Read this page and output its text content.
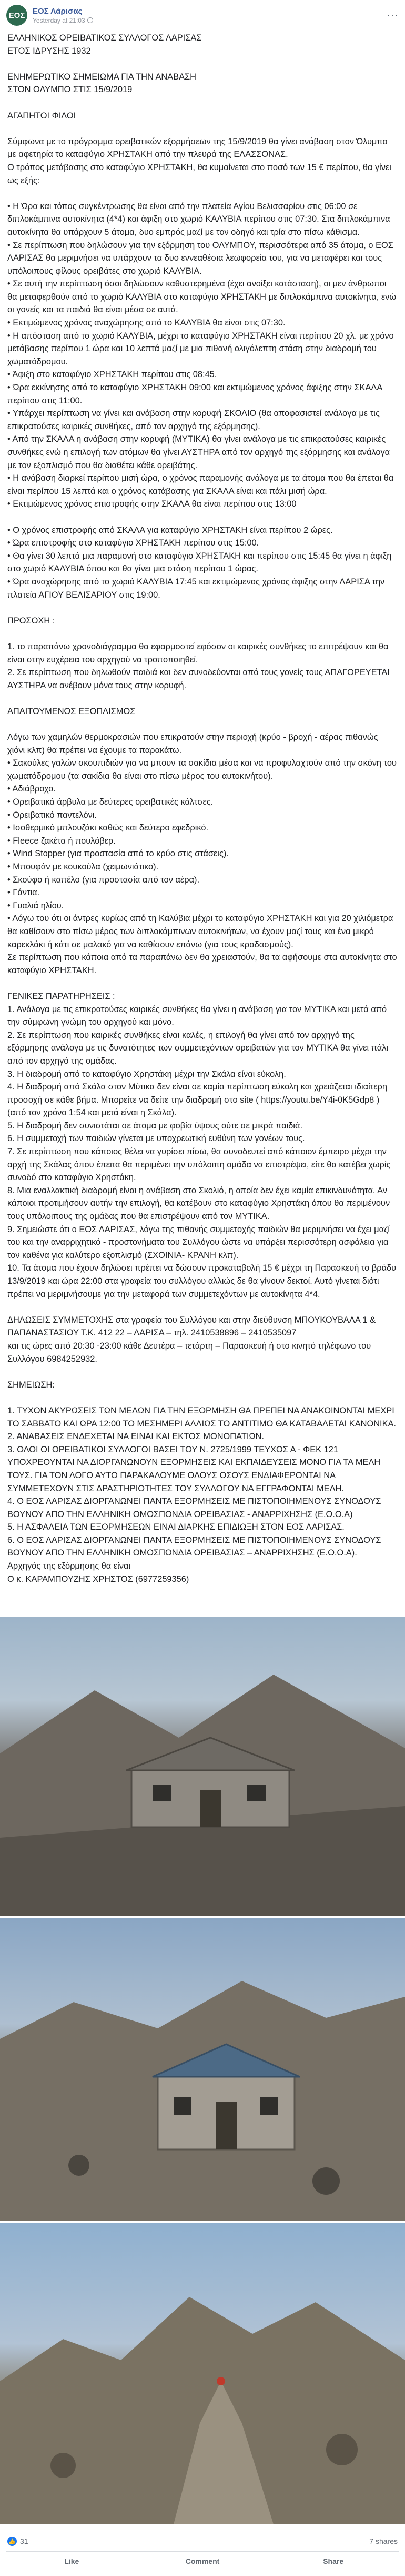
ΕΟΣ ΕΟΣ Λάρισας
Yesterday at 21:03	···

ΕΛΛΗΝΙΚΟΣ ΟΡΕΙΒΑΤΙΚΟΣ ΣΥΛΛΟΓΟΣ ΛΑΡΙΣΑΣ

ΕΤΟΣ ΙΔΡΥΣΗΣ 1932

ΕΝΗΜΕΡΩΤΙΚΟ ΣΗΜΕΙΩΜΑ ΓΙΑ ΤΗΝ ΑΝΑΒΑΣΗ

ΣΤΟΝ ΟΛΥΜΠΟ ΣΤΙΣ 15/9/2019

ΑΓΑΠΗΤΟΙ ΦΙΛΟΙ

Σύμφωνα με το πρόγραμμα ορειβατικών εξορμήσεων της 15/9/2019 θα γίνει ανάβαση στον Όλυμπο με αφετηρία το καταφύγιο ΧΡΗΣΤΑΚΗ από την πλευρά της ΕΛΑΣΣΟΝΑΣ.

Ο τρόπος μετάβασης στο καταφύγιο ΧΡΗΣΤΑΚΗ, θα κυμαίνεται στο ποσό των 15 € περίπου, θα γίνει ως εξής:

• Η Ώρα και τόπος συγκέντρωσης θα είναι από την πλατεία Αγίου Βελισσαρίου στις 06:00 σε διπλοκάμπινα αυτοκίνητα (4*4) και άφιξη στο χωριό ΚΑΛΥΒΙΑ περίπου στις 07:30. Στα διπλοκάμπινα αυτοκίνητα θα υπάρχουν 5 άτομα, δυο εμπρός μαζί με τον οδηγό και τρία στο πίσω κάθισμα.

• Σε περίπτωση που δηλώσουν για την εξόρμηση του ΟΛΥΜΠΟΥ, περισσότερα από 35 άτομα, ο ΕΟΣ ΛΑΡΙΣΑΣ θα μεριμνήσει να υπάρχουν τα δυο εννεαθέσια λεωφορεία του, για να μεταφέρει και τους υπόλοιπους φίλους ορειβάτες στο χωριό ΚΑΛΥΒΙΑ.

• Σε αυτή την περίπτωση όσοι δηλώσουν καθυστερημένα (έχει ανοίξει κατάσταση), οι μεν άνθρωποι θα μεταφερθούν από το χωριό ΚΑΛΥΒΙΑ στο καταφύγιο ΧΡΗΣΤΑΚΗ με διπλοκάμπινα αυτοκίνητα, ενώ οι γονείς και τα παιδιά θα είναι μέσα σε αυτά.

• Εκτιμώμενος χρόνος αναχώρησης από το ΚΑΛΥΒΙΑ θα είναι στις 07:30.

• Η απόσταση από το χωριό ΚΑΛΥΒΙΑ, μέχρι το καταφύγιο ΧΡΗΣΤΑΚΗ είναι περίπου 20 χλ. με χρόνο μετάβασης περίπου 1 ώρα και 10 λεπτά μαζί με μια πιθανή ολιγόλεπτη στάση στην διαδρομή του χωματόδρομου.

• Άφιξη στο καταφύγιο ΧΡΗΣΤΑΚΗ περίπου στις 08:45.

• Ώρα εκκίνησης από το καταφύγιο ΧΡΗΣΤΑΚΗ 09:00 και εκτιμώμενος χρόνος άφιξης στην ΣΚΑΛΑ περίπου στις 11:00.

• Υπάρχει περίπτωση να γίνει και ανάβαση στην κορυφή ΣΚΟΛΙΟ (θα αποφασιστεί ανάλογα με τις επικρατούσες καιρικές συνθήκες, από τον αρχηγό της εξόρμησης).

• Από την ΣΚΑΛΑ η ανάβαση στην κορυφή (ΜΥΤΙΚΑ) θα γίνει ανάλογα με τις επικρατούσες καιρικές συνθήκες ενώ η επιλογή των ατόμων θα γίνει ΑΥΣΤΗΡΑ από τον αρχηγό της εξόρμησης και ανάλογα με τον εξοπλισμό που θα διαθέτει κάθε ορειβάτης.

• Η ανάβαση διαρκεί περίπου μισή ώρα, ο χρόνος παραμονής ανάλογα με τα άτομα που θα έπεται θα είναι περίπου 15 λεπτά και ο χρόνος κατάβασης για ΣΚΑΛΑ είναι και πάλι μισή ώρα.

• Εκτιμώμενος χρόνος επιστροφής στην ΣΚΑΛΑ θα είναι περίπου στις 13:00

• Ο χρόνος επιστροφής από ΣΚΑΛΑ για καταφύγιο ΧΡΗΣΤΑΚΗ είναι περίπου 2 ώρες.

• Ώρα επιστροφής στο καταφύγιο ΧΡΗΣΤΑΚΗ περίπου στις 15:00.

• Θα γίνει 30 λεπτά μια παραμονή στο καταφύγιο ΧΡΗΣΤΑΚΗ και περίπου στις 15:45 θα γίνει η άφιξη στο χωριό ΚΑΛΥΒΙΑ όπου και θα γίνει μια στάση περίπου 1 ώρας.

• Ώρα αναχώρησης από το χωριό ΚΑΛΥΒΙΑ 17:45 και εκτιμώμενος χρόνος άφιξης στην ΛΑΡΙΣΑ την πλατεία ΑΓΙΟΥ ΒΕΛΙΣΑΡΙΟΥ στις 19:00.

ΠΡΟΣΟΧΗ :

1. το παραπάνω χρονοδιάγραμμα θα εφαρμοστεί εφόσον οι καιρικές συνθήκες το επιτρέψουν και θα είναι στην ευχέρεια του αρχηγού να τροποποιηθεί.

2. Σε περίπτωση που δηλωθούν παιδιά και δεν συνοδεύονται από τους γονείς τους ΑΠΑΓΟΡΕΥΕΤΑΙ ΑΥΣΤΗΡΑ να ανέβουν μόνα τους στην κορυφή.

ΑΠΑΙΤΟΥΜΕΝΟΣ ΕΞΟΠΛΙΣΜΟΣ

Λόγω των χαμηλών θερμοκρασιών που επικρατούν στην περιοχή (κρύο - βροχή - αέρας πιθανώς χιόνι κλπ) θα πρέπει να έχουμε τα παρακάτω.

• Σακούλες γαλών σκουπιδιών για να μπουν τα σακίδια μέσα και να προφυλαχτούν από την σκόνη του χωματόδρομου (τα σακίδια θα είναι στο πίσω μέρος του αυτοκινήτου).

• Αδιάβροχο.

• Ορειβατικά άρβυλα με δεύτερες ορειβατικές κάλτσες.

• Ορειβατικό παντελόνι.

• Ισοθερμικό μπλουζάκι καθώς και δεύτερο εφεδρικό.

• Fleece ζακέτα ή πουλόβερ.

• Wind Stopper (για προστασία από το κρύο στις στάσεις).

• Μπουφάν με κουκούλα (χειμωνιάτικο).

• Σκούφο ή καπέλο (για προστασία από τον αέρα).

• Γάντια.

• Γυαλιά ηλίου.

• Λόγω του ότι οι άντρες κυρίως από τη Καλύβια μέχρι το καταφύγιο ΧΡΗΣΤΑΚΗ και για 20 χιλιόμετρα θα καθίσουν στο πίσω μέρος των διπλοκάμπινων αυτοκινήτων, να έχουν μαζί τους και ένα μικρό καρεκλάκι ή κάτι σε μαλακό για να καθίσουν επάνω (για τους κραδασμούς).

Σε περίπτωση που κάποια από τα παραπάνω δεν θα χρειαστούν, θα τα αφήσουμε στα αυτοκίνητα στο καταφύγιο ΧΡΗΣΤΑΚΗ.

ΓΕΝΙΚΕΣ ΠΑΡΑΤΗΡΗΣΕΙΣ :

1. Ανάλογα με τις επικρατούσες καιρικές συνθήκες θα γίνει η ανάβαση για τον ΜΥΤΙΚΑ και μετά από την σύμφωνη γνώμη του αρχηγού και μόνο.

2. Σε περίπτωση που καιρικές συνθήκες είναι καλές, η επιλογή θα γίνει από τον αρχηγό της εξόρμησης ανάλογα με τις δυνατότητες των συμμετεχόντων ορειβατών για τον ΜΥΤΙΚΑ θα γίνει πάλι από τον αρχηγό της ομάδας.

3. Η διαδρομή από το καταφύγιο Χρηστάκη μέχρι την Σκάλα είναι εύκολη.

4. Η διαδρομή από Σκάλα στον Μύτικα δεν είναι σε καμία περίπτωση εύκολη και χρειάζεται ιδιαίτερη προσοχή σε κάθε βήμα. Μπορείτε να δείτε την διαδρομή στο site ( https://youtu.be/Y4i-0K5Gdp8 ) (από τον χρόνο 1:54 και μετά είναι η Σκάλα).

5. Η διαδρομή δεν συνιστάται σε άτομα με φοβία ύψους ούτε σε μικρά παιδιά.

6. Η συμμετοχή των παιδιών γίνεται με υποχρεωτική ευθύνη των γονέων τους.

7. Σε περίπτωση που κάποιος θέλει να γυρίσει πίσω, θα συνοδευτεί από κάποιον έμπειρο μέχρι την αρχή της Σκάλας όπου έπειτα θα περιμένει την υπόλοιπη ομάδα να επιστρέψει, είτε θα κατέβει χωρίς συνοδό στο καταφύγιο Χρηστάκη.

8. Μια εναλλακτική διαδρομή είναι η ανάβαση στο Σκολιό, η οποία δεν έχει καμία επικινδυνότητα. Αν κάποιοι προτιμήσουν αυτήν την επιλογή, θα κατέβουν στο καταφύγιο Χρηστάκη όπου θα περιμένουν τους υπόλοιπους της ομάδας που θα επιστρέψουν από τον ΜΥΤΙΚΑ.

9. Σημειώστε ότι ο ΕΟΣ ΛΑΡΙΣΑΣ, λόγω της πιθανής συμμετοχής παιδιών θα μεριμνήσει να έχει μαζί του και την αναρριχητικό - προστονήματα του Συλλόγου ώστε να υπάρξει περισσότερη ασφάλεια για τον καθένα για καλύτερο εξοπλισμό (ΣΧΟΙΝΙΑ- ΚΡΑΝΗ κλπ).

10. Τα άτομα που έχουν δηλώσει πρέπει να δώσουν προκαταβολή 15 € μέχρι τη Παρασκευή το βράδυ 13/9/2019 και ώρα 22:00 στα γραφεία του συλλόγου αλλιώς δε θα γίνουν δεκτοί. Αυτό γίνεται διότι πρέπει να μεριμνήσουμε για την μεταφορά των συμμετεχόντων με αυτοκίνητα 4*4.

ΔΗΛΩΣΕΙΣ ΣΥΜΜΕΤΟΧΗΣ στα γραφεία του Συλλόγου και στην διεύθυνση ΜΠΟΥΚΟΥΒΑΛΑ 1 & ΠΑΠΑΝΑΣΤΑΣΙΟΥ Τ.Κ. 412 22 – ΛΑΡΙΣΑ – τηλ. 2410538896 – 2410535097

και τις ώρες από 20:30 -23:00 κάθε Δευτέρα – τετάρτη – Παρασκευή ή στο κινητό τηλέφωνο του Συλλόγου 6984252932.

ΣΗΜΕΙΩΣΗ:

1. ΤΥΧΟΝ ΑΚΥΡΩΣΕΙΣ ΤΩΝ ΜΕΛΩΝ ΓΙΑ ΤΗΝ ΕΞΟΡΜΗΣΗ ΘΑ ΠΡΕΠΕΙ ΝΑ ΑΝΑΚΟΙΝΟΝΤΑΙ ΜΕΧΡΙ ΤΟ ΣΑΒΒΑΤΟ ΚΑΙ ΩΡΑ 12:00 ΤΟ ΜΕΣΗΜΕΡΙ ΑΛΛΙΩΣ ΤΟ ΑΝΤΙΤΙΜΟ ΘΑ ΚΑΤΑΒΑΛΕΤΑΙ ΚΑΝΟΝΙΚΑ.

2. ΑΝΑΒΑΣΕΙΣ ΕΝΔΕΧΕΤΑΙ ΝΑ ΕΙΝΑΙ ΚΑΙ ΕΚΤΟΣ ΜΟΝΟΠΑΤΙΩΝ.

3. ΟΛΟΙ ΟΙ ΟΡΕΙΒΑΤΙΚΟΙ ΣΥΛΛΟΓΟΙ ΒΑΣΕΙ ΤΟΥ Ν. 2725/1999 ΤΕΥΧΟΣ Α - ΦΕΚ 121 ΥΠΟΧΡΕΟΥΝΤΑΙ ΝΑ ΔΙΟΡΓΑΝΩΝΟΥΝ ΕΞΟΡΜΗΣΕΙΣ ΚΑΙ ΕΚΠΑΙΔΕΥΣΕΙΣ ΜΟΝΟ ΓΙΑ ΤΑ ΜΕΛΗ ΤΟΥΣ. ΓΙΑ ΤΟΝ ΛΟΓΟ ΑΥΤΟ ΠΑΡΑΚΑΛΟΥΜΕ ΟΛΟΥΣ ΟΣΟΥΣ ΕΝΔΙΑΦΕΡΟΝΤΑΙ ΝΑ ΣΥΜΜΕΤΕΧΟΥΝ ΣΤΙΣ ΔΡΑΣΤΗΡΙΟΤΗΤΕΣ ΤΟΥ ΣΥΛΛΟΓΟΥ ΝΑ ΕΓΓΡΑΦΟΝΤΑΙ ΜΕΛΗ.

4. Ο ΕΟΣ ΛΑΡΙΣΑΣ ΔΙΟΡΓΑΝΩΝΕΙ ΠΑΝΤΑ ΕΞΟΡΜΗΣΕΙΣ ΜΕ ΠΙΣΤΟΠΟΙΗΜΕΝΟΥΣ ΣΥΝΟΔΟΥΣ ΒΟΥΝΟΥ ΑΠΟ ΤΗΝ ΕΛΛΗΝΙΚΗ ΟΜΟΣΠΟΝΔΙΑ ΟΡΕΙΒΑΣΙΑΣ - ΑΝΑΡΡΙΧΗΣΗΣ (Ε.Ο.Ο.Α)

5. Η ΑΣΦΑΛΕΙΑ ΤΩΝ ΕΞΟΡΜΗΣΕΩΝ ΕΙΝΑΙ ΔΙΑΡΚΗΣ ΕΠΙΔΙΩΞΗ ΣΤΟΝ ΕΟΣ ΛΑΡΙΣΑΣ.

6. Ο ΕΟΣ ΛΑΡΙΣΑΣ ΔΙΟΡΓΑΝΩΝΕΙ ΠΑΝΤΑ ΕΞΟΡΜΗΣΕΙΣ ΜΕ ΠΙΣΤΟΠΟΙΗΜΕΝΟΥΣ ΣΥΝΟΔΟΥΣ ΒΟΥΝΟΥ ΑΠΟ ΤΗΝ ΕΛΛΗΝΙΚΗ ΟΜΟΣΠΟΝΔΙΑ ΟΡΕΙΒΑΣΙΑΣ – ΑΝΑΡΡΙΧΗΣΗΣ (Ε.Ο.Ο.Α).

Αρχηγός της εξόρμησης θα είναι

Ο κ. ΚΑΡΑΜΠΟΥΖΗΣ ΧΡΗΣΤΟΣ (6977259356)

👍 31	7 shares
Like	Comment	Share
